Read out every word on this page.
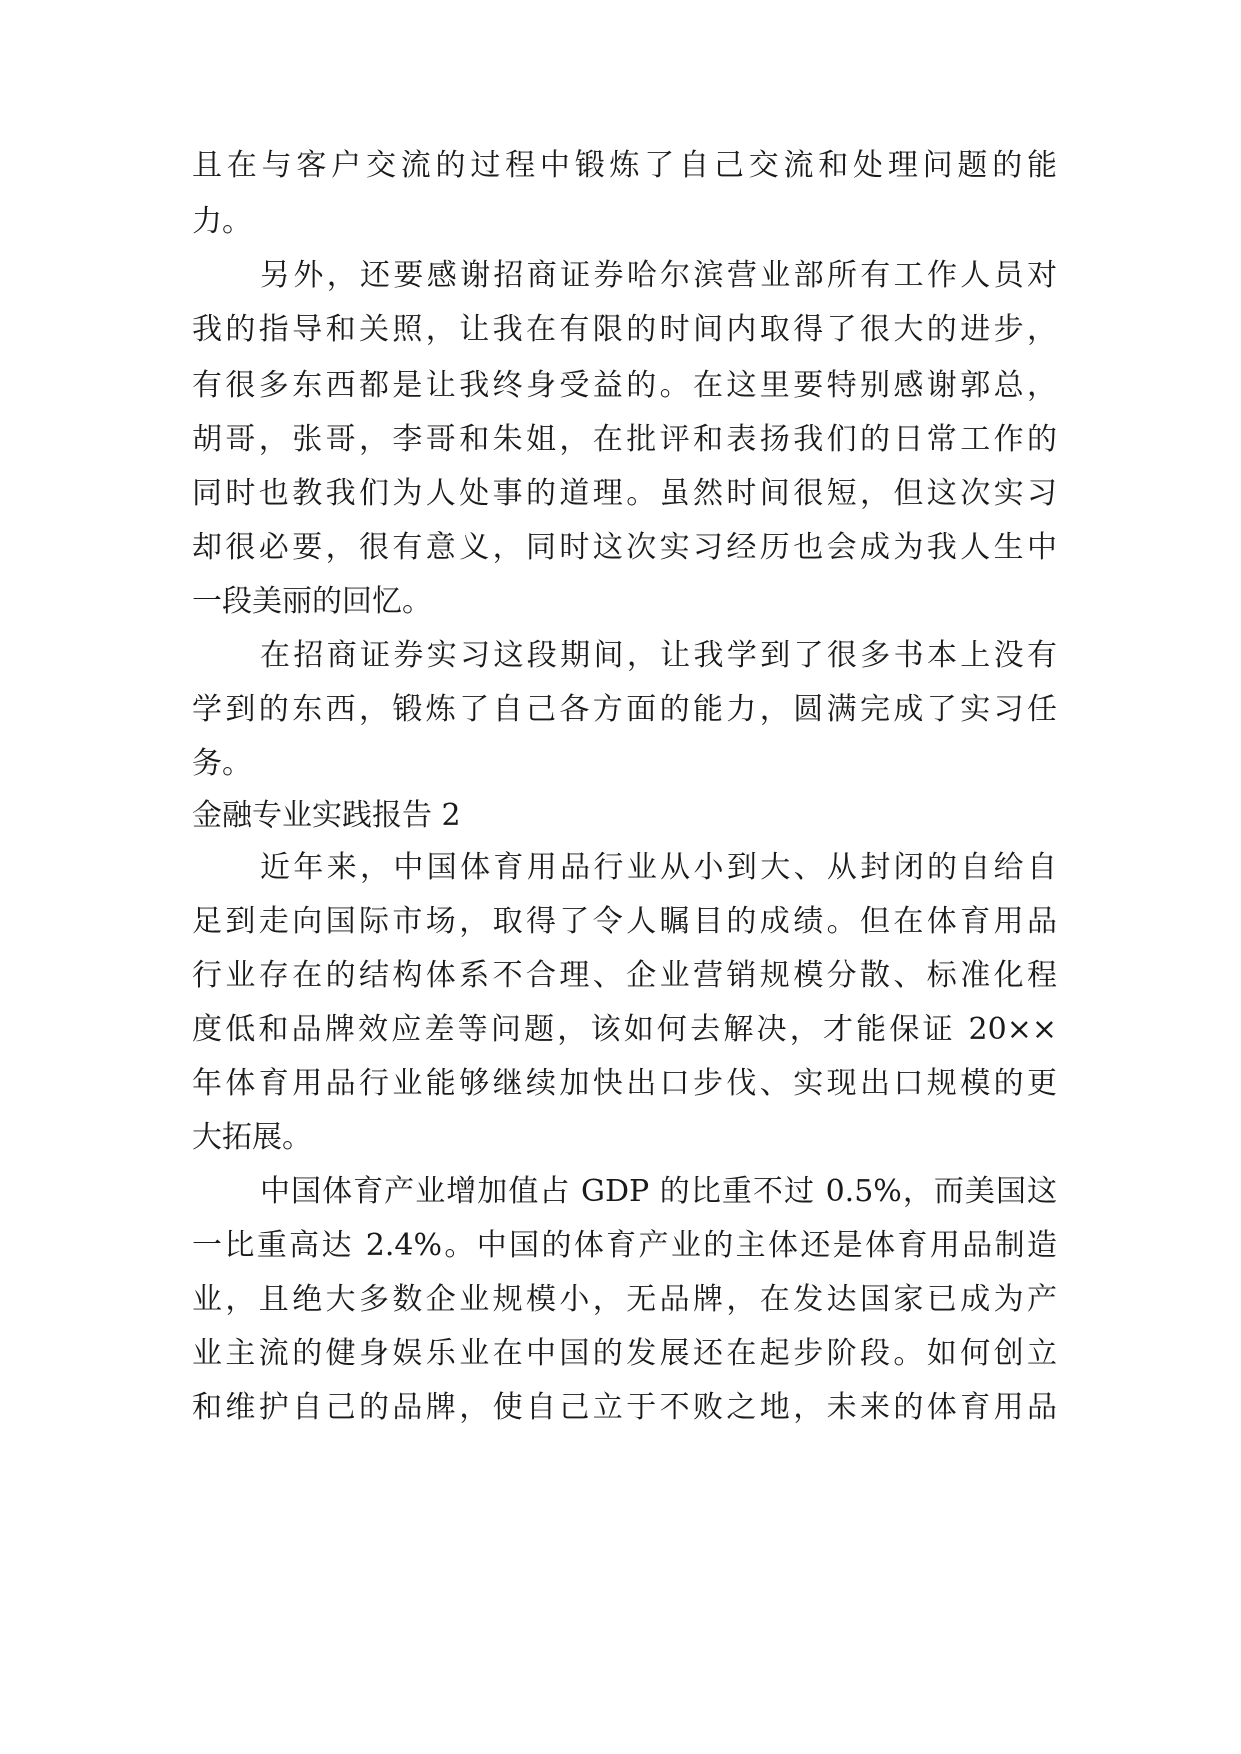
且在与客户交流的过程中锻炼了自己交流和处理问题的能
力。
另外，还要感谢招商证券哈尔滨营业部所有工作人员对
我的指导和关照，让我在有限的时间内取得了很大的进步，
有很多东西都是让我终身受益的。在这里要特别感谢郭总，
胡哥，张哥，李哥和朱姐，在批评和表扬我们的日常工作的
同时也教我们为人处事的道理。虽然时间很短，但这次实习
却很必要，很有意义，同时这次实习经历也会成为我人生中
一段美丽的回忆。
在招商证券实习这段期间，让我学到了很多书本上没有
学到的东西，锻炼了自己各方面的能力，圆满完成了实习任
务。
金融专业实践报告 2
近年来，中国体育用品行业从小到大、从封闭的自给自
足到走向国际市场，取得了令人瞩目的成绩。但在体育用品
行业存在的结构体系不合理、企业营销规模分散、标准化程
度低和品牌效应差等问题，该如何去解决，才能保证 20××
年体育用品行业能够继续加快出口步伐、实现出口规模的更
大拓展。
中国体育产业增加值占 GDP 的比重不过 0.5%，而美国这
一比重高达 2.4%。中国的体育产业的主体还是体育用品制造
业，且绝大多数企业规模小，无品牌，在发达国家已成为产
业主流的健身娱乐业在中国的发展还在起步阶段。如何创立
和维护自己的品牌，使自己立于不败之地，未来的体育用品
